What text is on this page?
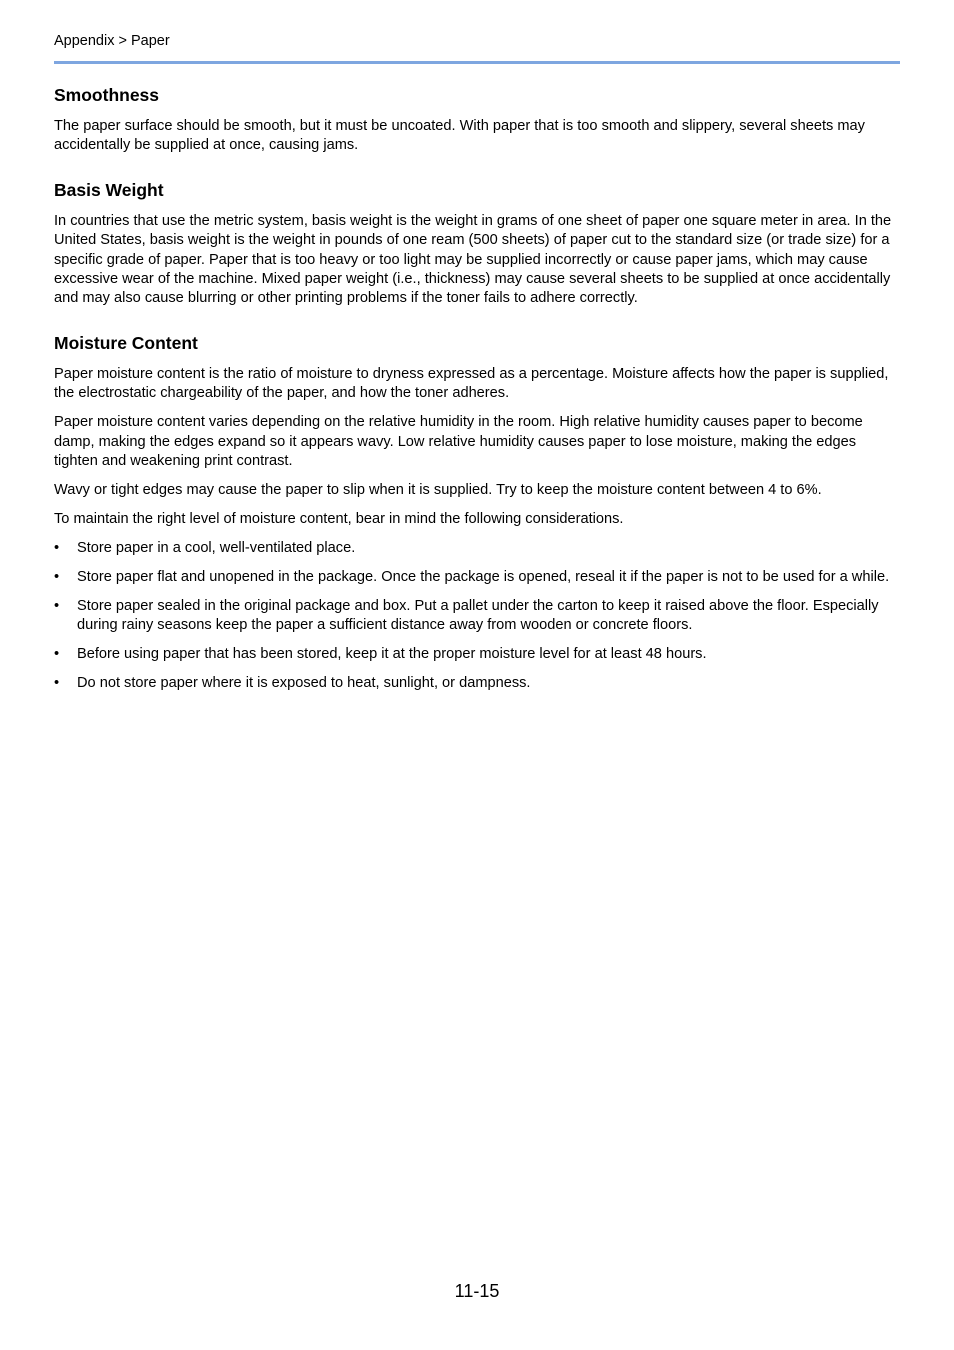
Appendix > Paper
Smoothness

The paper surface should be smooth, but it must be uncoated. With paper that is too smooth and slippery, several sheets may accidentally be supplied at once, causing jams.

Basis Weight

In countries that use the metric system, basis weight is the weight in grams of one sheet of paper one square meter in area. In the United States, basis weight is the weight in pounds of one ream (500 sheets) of paper cut to the standard size (or trade size) for a specific grade of paper. Paper that is too heavy or too light may be supplied incorrectly or cause paper jams, which may cause excessive wear of the machine. Mixed paper weight (i.e., thickness) may cause several sheets to be supplied at once accidentally and may also cause blurring or other printing problems if the toner fails to adhere correctly.

Moisture Content

Paper moisture content is the ratio of moisture to dryness expressed as a percentage. Moisture affects how the paper is supplied, the electrostatic chargeability of the paper, and how the toner adheres.

Paper moisture content varies depending on the relative humidity in the room. High relative humidity causes paper to become damp, making the edges expand so it appears wavy. Low relative humidity causes paper to lose moisture, making the edges tighten and weakening print contrast.

Wavy or tight edges may cause the paper to slip when it is supplied. Try to keep the moisture content between 4 to 6%.

To maintain the right level of moisture content, bear in mind the following considerations.

• Store paper in a cool, well-ventilated place.
• Store paper flat and unopened in the package. Once the package is opened, reseal it if the paper is not to be used for a while.
• Store paper sealed in the original package and box. Put a pallet under the carton to keep it raised above the floor. Especially during rainy seasons keep the paper a sufficient distance away from wooden or concrete floors.
• Before using paper that has been stored, keep it at the proper moisture level for at least 48 hours.
• Do not store paper where it is exposed to heat, sunlight, or dampness.
11-15
